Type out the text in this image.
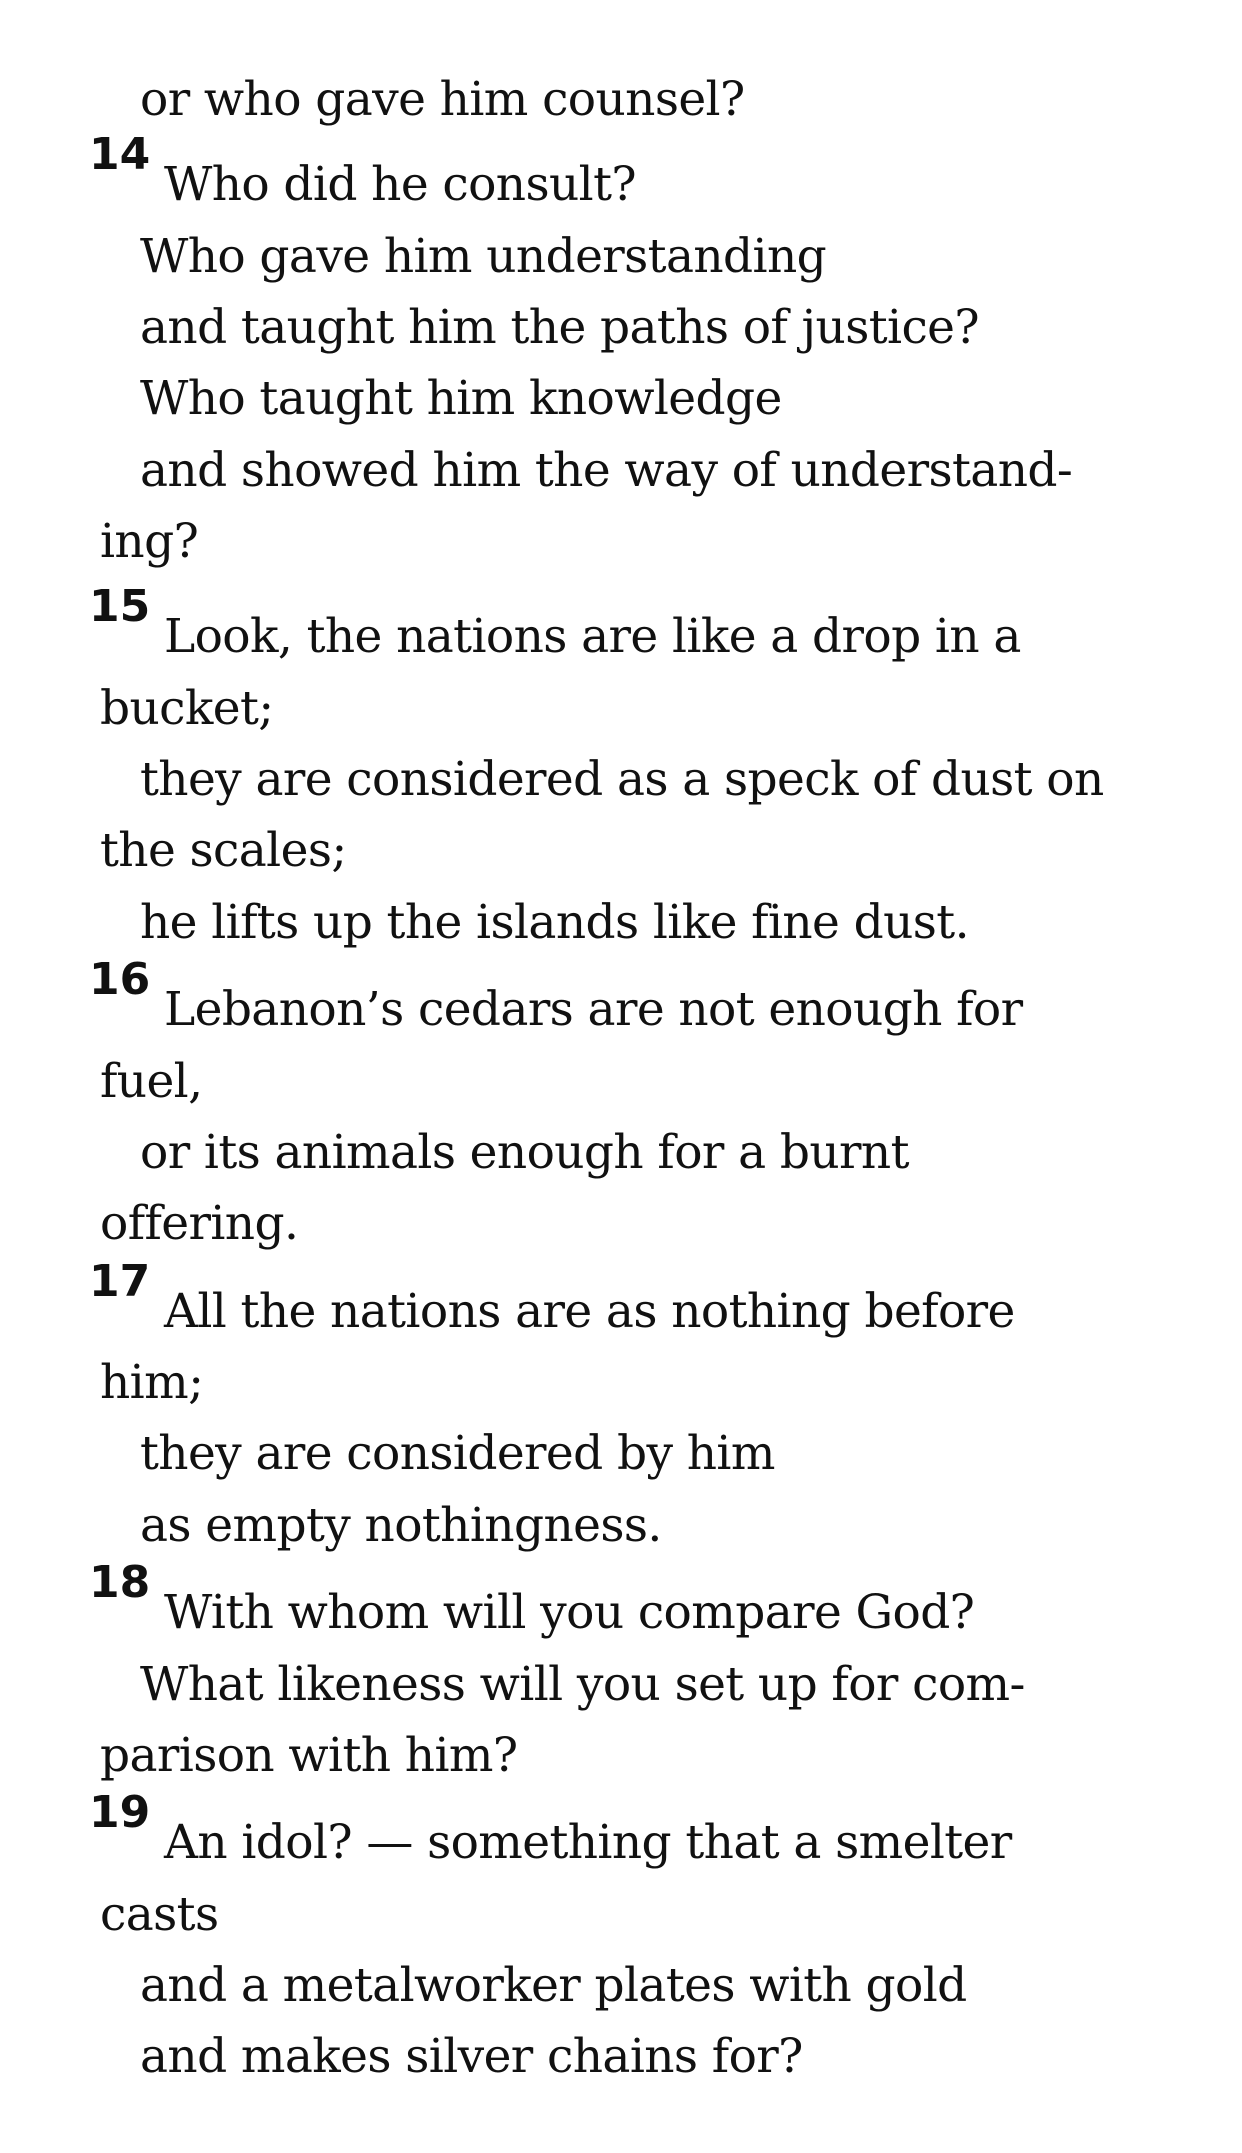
or who gave him counsel?
14
Who did he consult?
Who gave him understanding
and taught him the paths of justice?
Who taught him knowledge
and showed him the way of understand-
ing?
15
Look, the nations are like a drop in a
bucket;
they are considered as a speck of dust on
the scales;
he lifts up the islands like fine dust.
16
Lebanon’s cedars are not enough for
fuel,
or its animals enough for a burnt
offering.
17
All the nations are as nothing before
him;
they are considered by him
as empty nothingness.
18
With whom will you compare God?
What likeness will you set up for com-
parison with him?
19
An idol? — something that a smelter
casts
and a metalworker plates with gold
and makes silver chains for?
